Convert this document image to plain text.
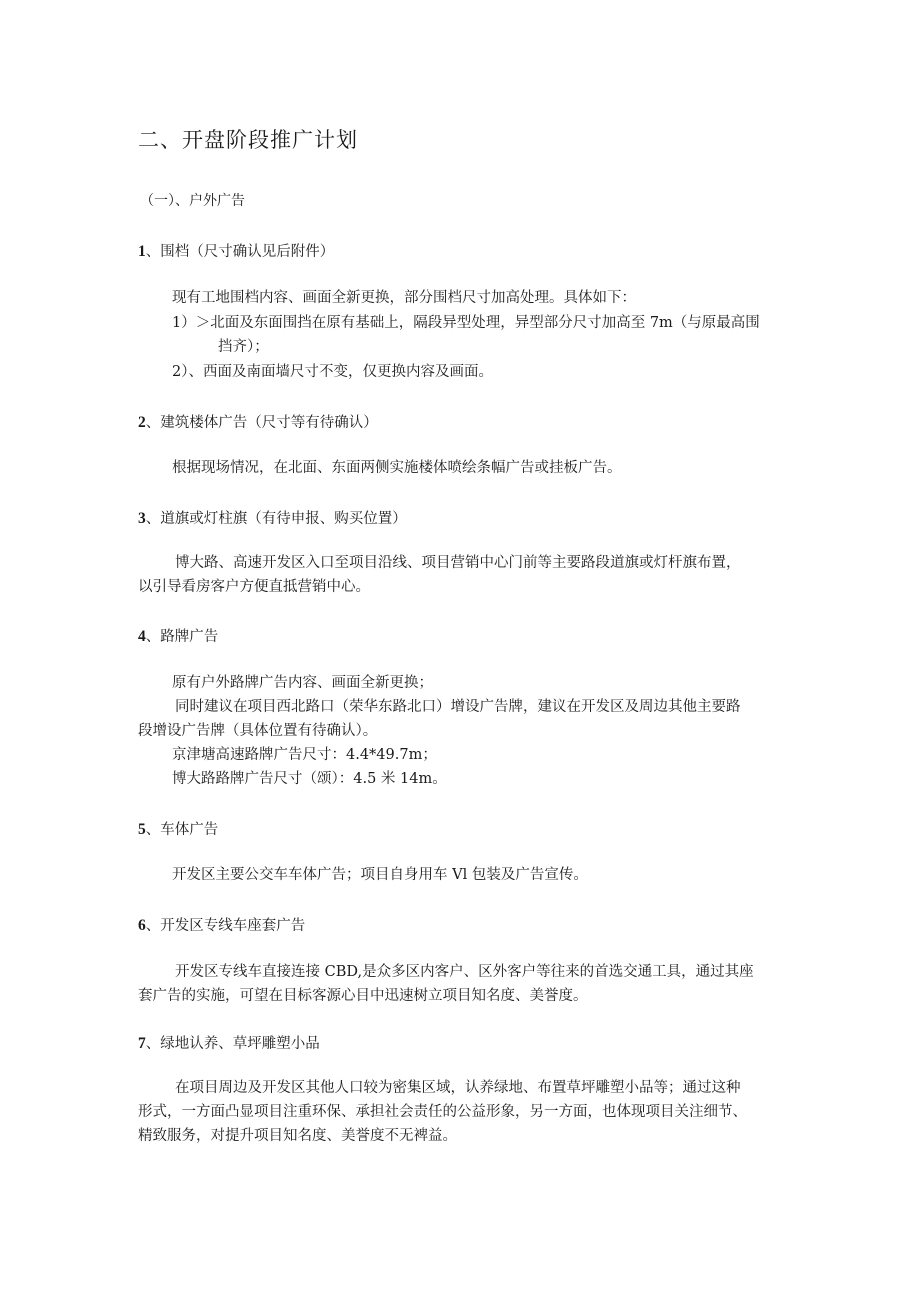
二、开盘阶段推广计划
（一）、户外广告
1、围档（尺寸确认见后附件）
现有工地围档内容、画面全新更换，部分围档尺寸加高处理。具体如下：
1）＞北面及东面围挡在原有基础上，隔段异型处理，异型部分尺寸加高至 7m（与原最高围
挡齐）；
2）、西面及南面墙尺寸不变，仅更换内容及画面。
2、建筑楼体广告（尺寸等有待确认）
根据现场情况，在北面、东面两侧实施楼体喷绘条幅广告或挂板广告。
3、道旗或灯柱旗（有待申报、购买位置）
博大路、高速开发区入口至项目沿线、项目营销中心门前等主要路段道旗或灯杆旗布置，
以引导看房客户方便直抵营销中心。
4、路牌广告
原有户外路牌广告内容、画面全新更换；
同时建议在项目西北路口（荣华东路北口）增设广告牌，建议在开发区及周边其他主要路
段增设广告牌（具体位置有待确认）。
京津塘高速路牌广告尺寸：4.4*49.7m；
博大路路牌广告尺寸（颂）：4.5 米 14m。
5、车体广告
开发区主要公交车车体广告；项目自身用车 Vl 包装及广告宣传。
6、开发区专线车座套广告
开发区专线车直接连接 CBD,是众多区内客户、区外客户等往来的首选交通工具，通过其座
套广告的实施，可望在目标客源心目中迅速树立项目知名度、美誉度。
7、绿地认养、草坪雕塑小品
在项目周边及开发区其他人口较为密集区域，认养绿地、布置草坪雕塑小品等；通过这种
形式，一方面凸显项目注重环保、承担社会责任的公益形象，另一方面，也体现项目关注细节、
精致服务，对提升项目知名度、美誉度不无裨益。
